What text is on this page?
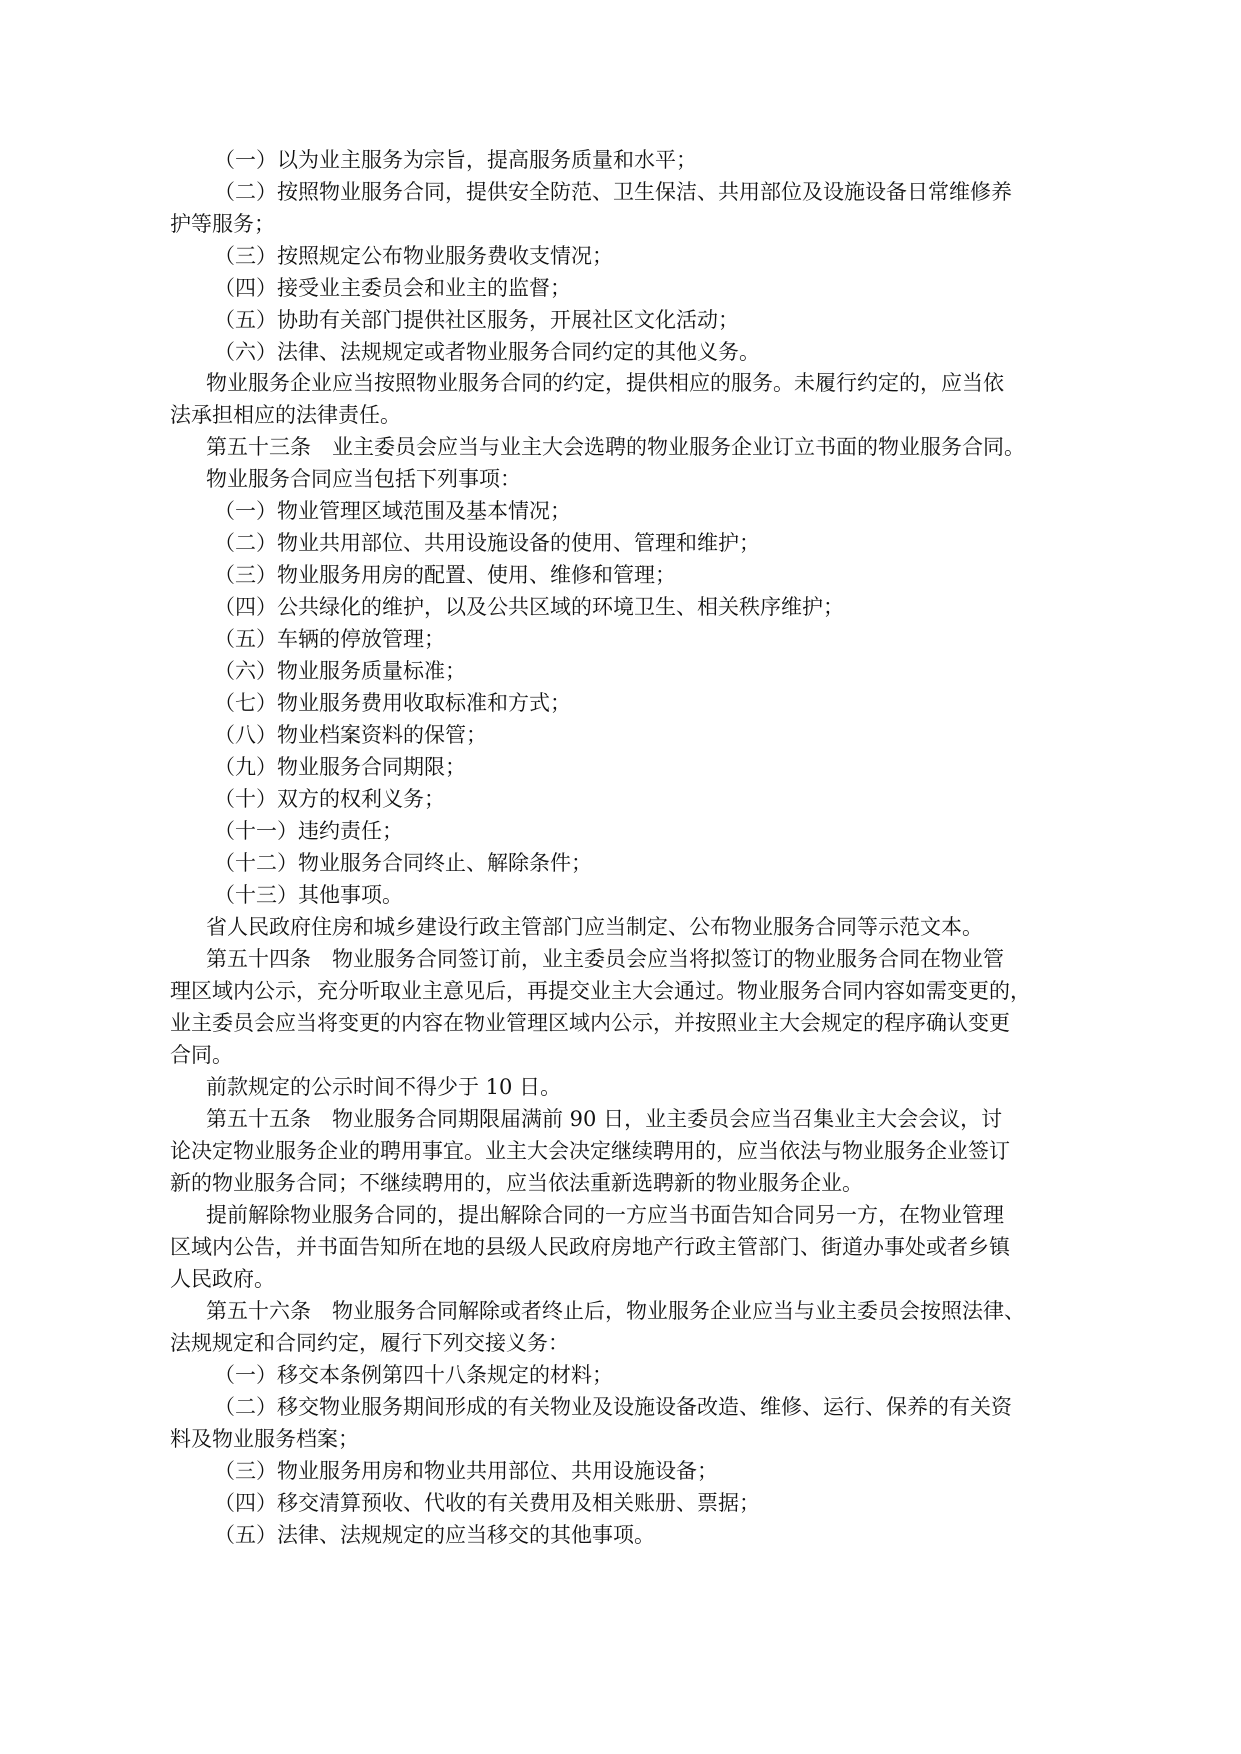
（一）以为业主服务为宗旨，提高服务质量和水平；
（二）按照物业服务合同，提供安全防范、卫生保洁、共用部位及设施设备日常维修养
护等服务；
（三）按照规定公布物业服务费收支情况；
（四）接受业主委员会和业主的监督；
（五）协助有关部门提供社区服务，开展社区文化活动；
（六）法律、法规规定或者物业服务合同约定的其他义务。
物业服务企业应当按照物业服务合同的约定，提供相应的服务。未履行约定的，应当依
法承担相应的法律责任。
第五十三条　业主委员会应当与业主大会选聘的物业服务企业订立书面的物业服务合同。
物业服务合同应当包括下列事项：
（一）物业管理区域范围及基本情况；
（二）物业共用部位、共用设施设备的使用、管理和维护；
（三）物业服务用房的配置、使用、维修和管理；
（四）公共绿化的维护，以及公共区域的环境卫生、相关秩序维护；
（五）车辆的停放管理；
（六）物业服务质量标准；
（七）物业服务费用收取标准和方式；
（八）物业档案资料的保管；
（九）物业服务合同期限；
（十）双方的权利义务；
（十一）违约责任；
（十二）物业服务合同终止、解除条件；
（十三）其他事项。
省人民政府住房和城乡建设行政主管部门应当制定、公布物业服务合同等示范文本。
第五十四条　物业服务合同签订前，业主委员会应当将拟签订的物业服务合同在物业管
理区域内公示，充分听取业主意见后，再提交业主大会通过。物业服务合同内容如需变更的，
业主委员会应当将变更的内容在物业管理区域内公示，并按照业主大会规定的程序确认变更
合同。
前款规定的公示时间不得少于 10 日。
第五十五条　物业服务合同期限届满前 90 日，业主委员会应当召集业主大会会议，讨
论决定物业服务企业的聘用事宜。业主大会决定继续聘用的，应当依法与物业服务企业签订
新的物业服务合同；不继续聘用的，应当依法重新选聘新的物业服务企业。
提前解除物业服务合同的，提出解除合同的一方应当书面告知合同另一方，在物业管理
区域内公告，并书面告知所在地的县级人民政府房地产行政主管部门、街道办事处或者乡镇
人民政府。
第五十六条　物业服务合同解除或者终止后，物业服务企业应当与业主委员会按照法律、
法规规定和合同约定，履行下列交接义务：
（一）移交本条例第四十八条规定的材料；
（二）移交物业服务期间形成的有关物业及设施设备改造、维修、运行、保养的有关资
料及物业服务档案；
（三）物业服务用房和物业共用部位、共用设施设备；
（四）移交清算预收、代收的有关费用及相关账册、票据；
（五）法律、法规规定的应当移交的其他事项。
